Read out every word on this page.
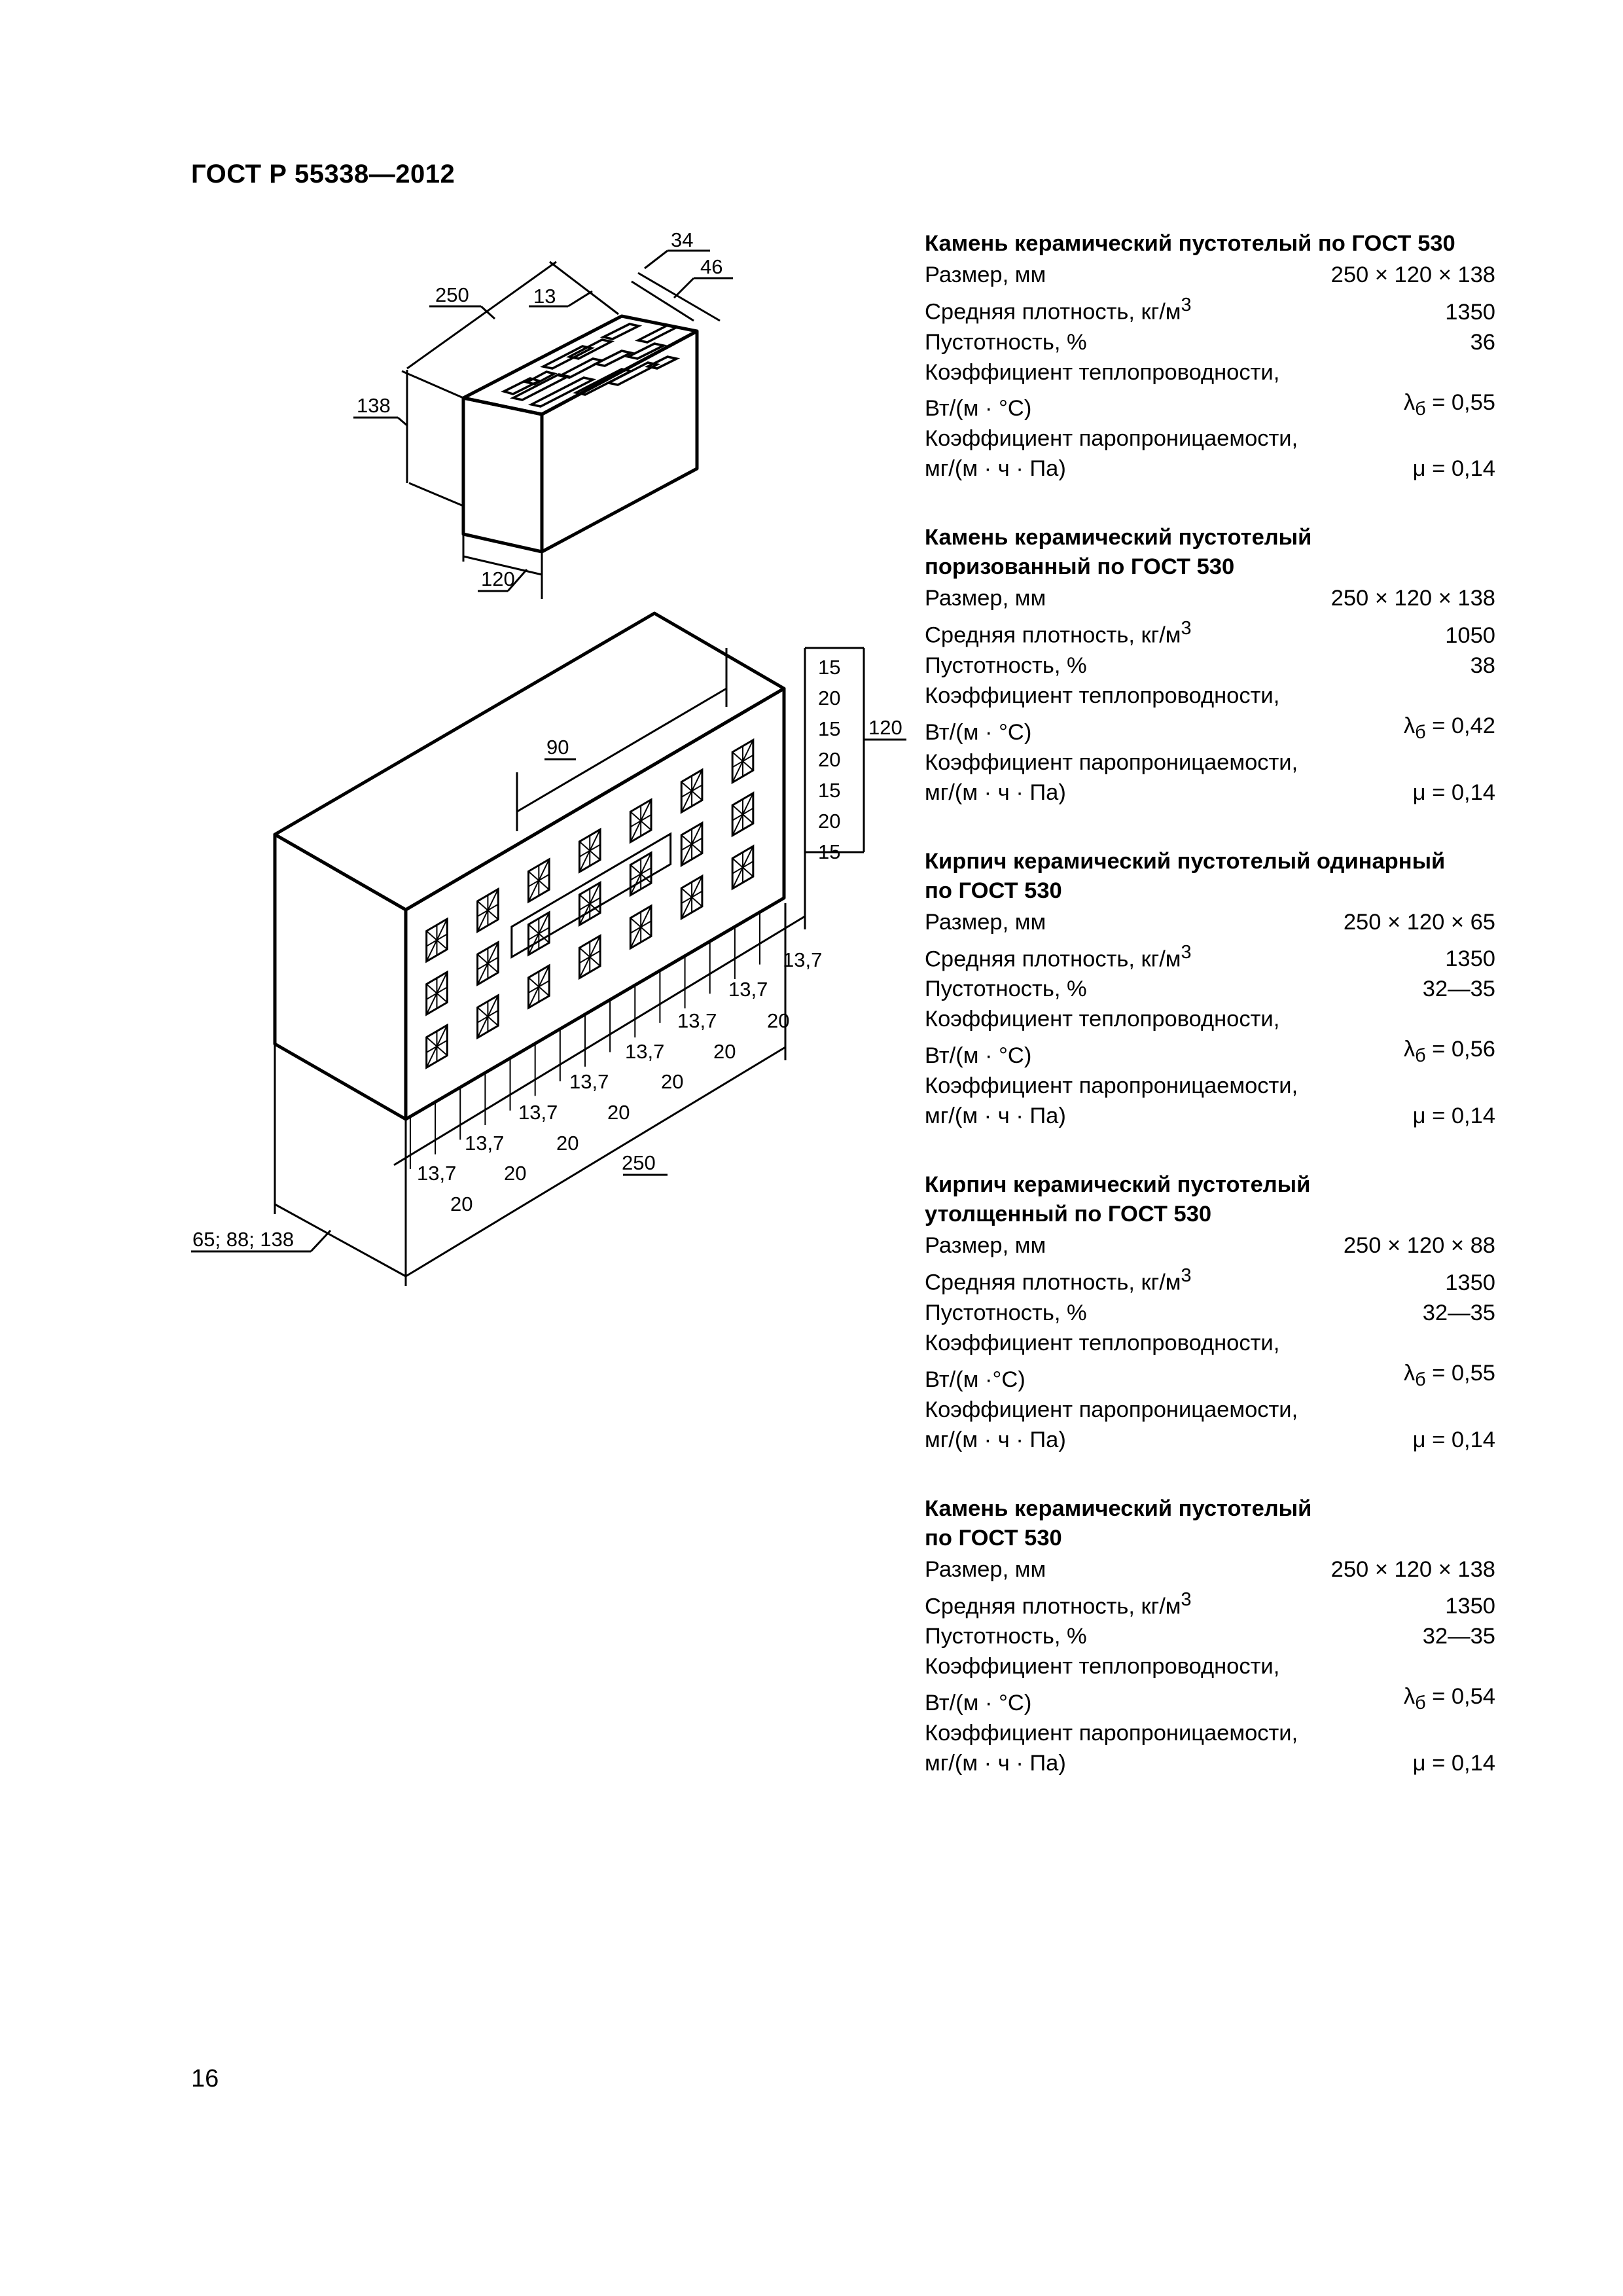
ГОСТ Р 55338—2012
34
46
250	13
138
120
90
120
250
65; 88; 138
15
20
15
20
15
20
15
13,7
13,7
20
13,7
20
13,7
20
13,7
20
13,7
20
13,7
20
13,7
20
Камень керамический пустотелый по ГОСТ 530
Размер, мм	250 × 120 × 138
Средняя плотность, $кг/м^3$	1350
Пустотность, %	36
Коэффициент теплопроводности,
Вт/(м · °С)	$\lambda_б = 0,55$
Коэффициент паропроницаемости,
мг/(м · ч · Па)	μ = 0,14
Камень керамический пустотелый
поризованный по ГОСТ 530
Размер, мм	250 × 120 × 138
Средняя плотность, $кг/м^3$	1050
Пустотность, %	38
Коэффициент теплопроводности,
Вт/(м · °С)	$\lambda_б = 0,42$
Коэффициент паропроницаемости,
мг/(м · ч · Па)	μ = 0,14
Кирпич керамический пустотелый одинарный
по ГОСТ 530
Размер, мм	250 × 120 × 65
Средняя плотность, $кг/м^3$	1350
Пустотность, %	32—35
Коэффициент теплопроводности,
Вт/(м · °С)	$\lambda_б = 0,56$
Коэффициент паропроницаемости,
мг/(м · ч · Па)	μ = 0,14
Кирпич керамический пустотелый
утолщенный по ГОСТ 530
Размер, мм	250 × 120 × 88
Средняя плотность, $кг/м^3$	1350
Пустотность, %	32—35
Коэффициент теплопроводности,
Вт/(м ·°С)	$\lambda_б = 0,55$
Коэффициент паропроницаемости,
мг/(м · ч · Па)	μ = 0,14
Камень керамический пустотелый
по ГОСТ 530
Размер, мм	250 × 120 × 138
Средняя плотность, $кг/м^3$	1350
Пустотность, %	32—35
Коэффициент теплопроводности,
Вт/(м · °С)	$\lambda_б = 0,54$
Коэффициент паропроницаемости,
мг/(м · ч · Па)	μ = 0,14
16
